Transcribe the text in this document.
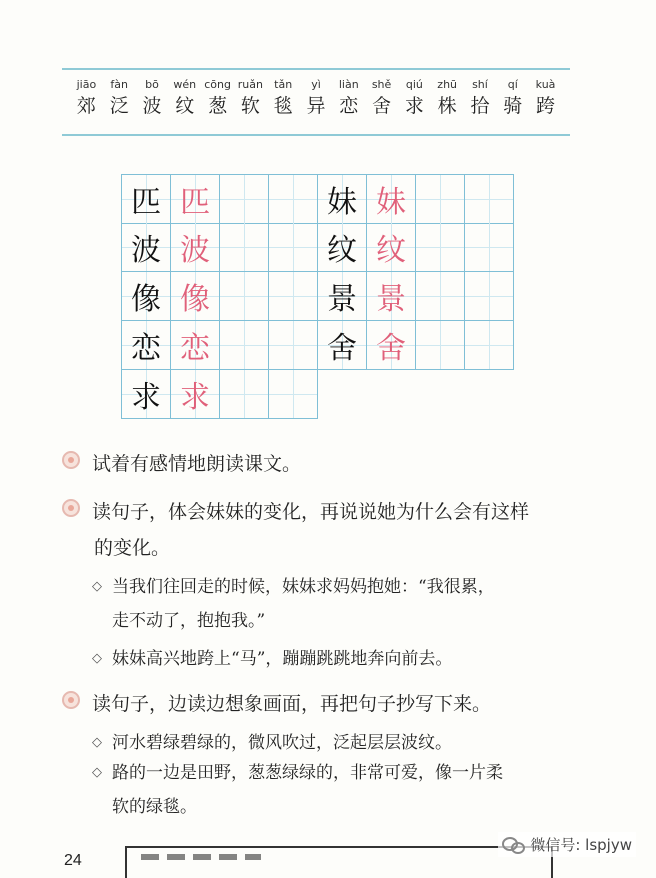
jiāo
郊
fàn
泛
bō
波
wén
纹
cōng
葱
ruǎn
软
tǎn
毯
yì
异
liàn
恋
shě
舍
qiú
求
zhū
株
shí
拾
qí
骑
kuà
跨
匹 匹	妹 妹
波 波	纹 纹
像 像	景 景
恋 恋	舍 舍
求 求
试着有感情地朗读课文。
读句子，体会妹妹的变化，再说说她为什么会有这样
的变化。
◇ 当我们往回走的时候，妹妹求妈妈抱她：“我很累，
走不动了，抱抱我。”
◇ 妹妹高兴地跨上“马”，蹦蹦跳跳地奔向前去。
读句子，边读边想象画面，再把句子抄写下来。
◇ 河水碧绿碧绿的，微风吹过，泛起层层波纹。
◇ 路的一边是田野，葱葱绿绿的，非常可爱，像一片柔
软的绿毯。
24
微信号: lspjyw
